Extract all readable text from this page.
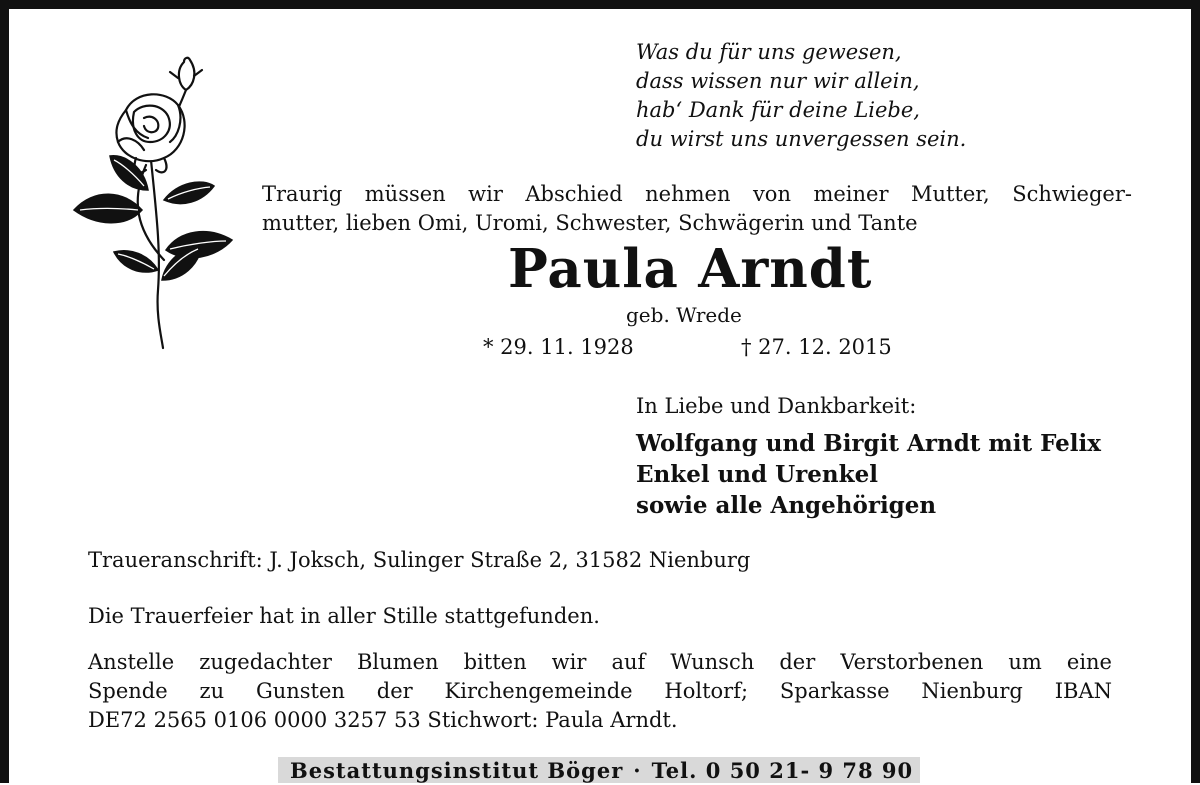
Was du für uns gewesen,
dass wissen nur wir allein,
hab‘ Dank für deine Liebe,
du wirst uns unvergessen sein.
Traurig müssen wir Abschied nehmen von meiner Mutter, Schwieger-
mutter, lieben Omi, Uromi, Schwester, Schwägerin und Tante
Paula Arndt
geb. Wrede
* 29. 11. 1928	† 27. 12. 2015
In Liebe und Dankbarkeit:
Wolfgang und Birgit Arndt mit Felix
Enkel und Urenkel
sowie alle Angehörigen
Traueranschrift: J. Joksch, Sulinger Straße 2, 31582 Nienburg
Die Trauerfeier hat in aller Stille stattgefunden.
Anstelle zugedachter Blumen bitten wir auf Wunsch der Verstorbenen um eine
Spende zu Gunsten der Kirchengemeinde Holtorf; Sparkasse Nienburg IBAN
DE72 2565 0106 0000 3257 53 Stichwort: Paula Arndt.
Bestattungsinstitut Böger · Tel. 0 50 21- 9 78 90
